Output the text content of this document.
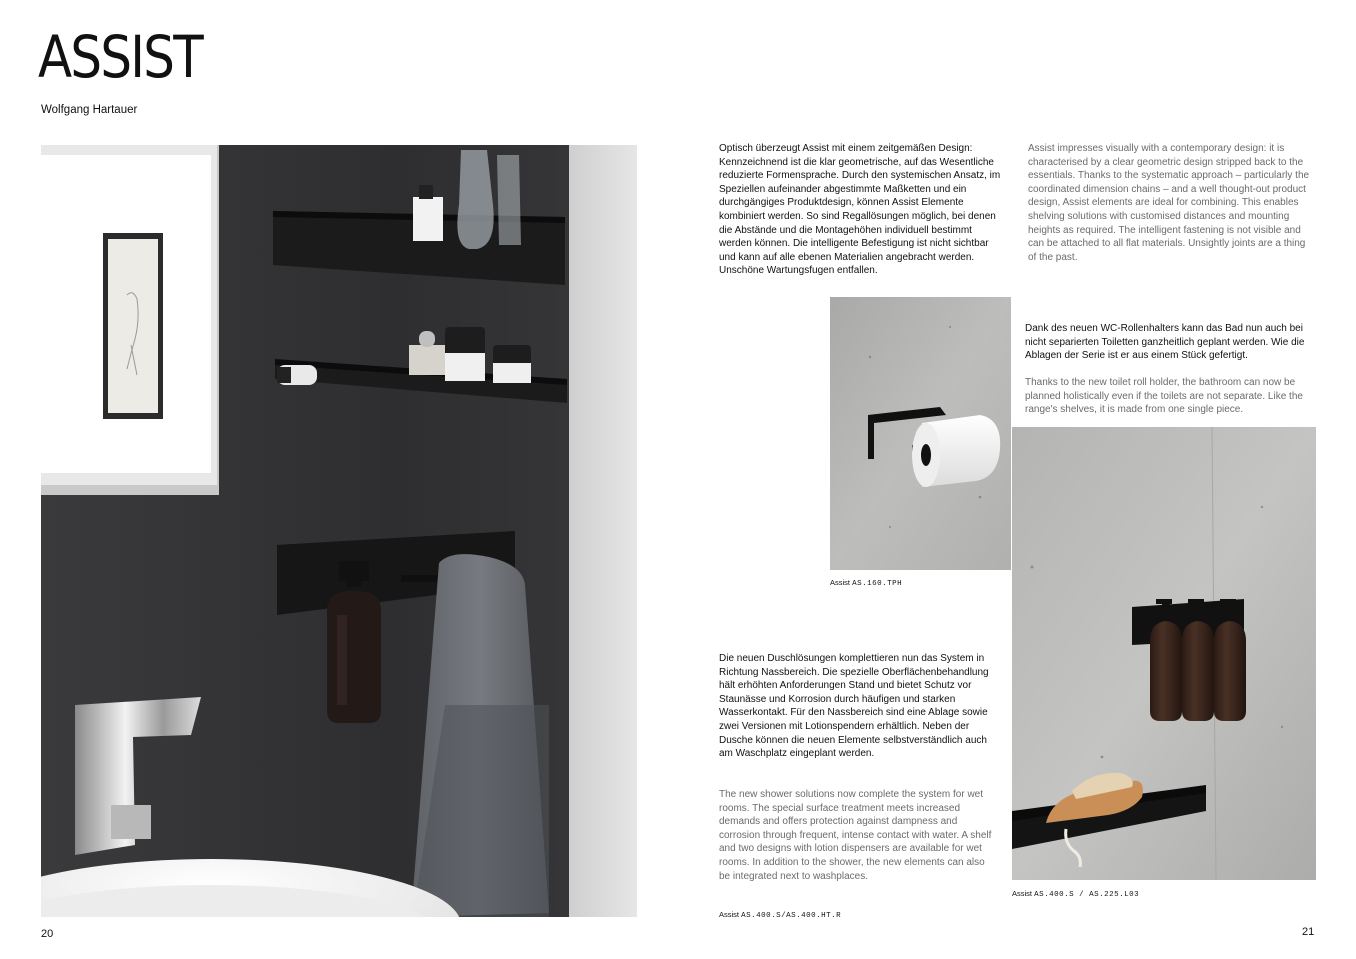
ASSIST
Wolfgang Hartauer
20
Optisch überzeugt Assist mit einem zeitgemäßen Design: Kennzeichnend ist die klar geometrische, auf das Wesentliche reduzierte Formensprache. Durch den systemischen Ansatz, im Speziellen aufeinander abgestimmte Maßketten und ein durchgängiges Produktdesign, können Assist Elemente kombiniert werden. So sind Regallösungen möglich, bei denen die Abstände und die Montagehöhen individuell bestimmt werden können. Die intelligente Befestigung ist nicht sichtbar und kann auf alle ebenen Materialien angebracht werden. Unschöne Wartungsfugen entfallen.
Assist impresses visually with a contemporary design: it is characterised by a clear geometric design stripped back to the essentials. Thanks to the systematic approach – particularly the coordinated dimension chains – and a well thought-out product design, Assist elements are ideal for combining. This enables shelving solutions with customised distances and mounting heights as required. The intelligent fastening is not visible and can be attached to all flat materials. Unsightly joints are a thing of the past.
Assist AS.160.TPH
Dank des neuen WC-Rollenhalters kann das Bad nun auch bei nicht separierten Toiletten ganzheitlich geplant werden. Wie die Ablagen der Serie ist er aus einem Stück gefertigt.
Thanks to the new toilet roll holder, the bathroom can now be planned holistically even if the toilets are not separate. Like the range's shelves, it is made from one single piece.
Assist AS.400.S / AS.225.L03
Die neuen Duschlösungen komplettieren nun das System in Richtung Nassbereich. Die spezielle Oberflächenbehandlung hält erhöhten Anforderungen Stand und bietet Schutz vor Staunässe und Korrosion durch häufigen und starken Wasserkontakt. Für den Nassbereich sind eine Ablage sowie zwei Versionen mit Lotionspendern erhältlich. Neben der Dusche können die neuen Elemente selbstverständlich auch am Waschplatz eingeplant werden.
The new shower solutions now complete the system for wet rooms. The special surface treatment meets increased demands and offers protection against dampness and corrosion through frequent, intense contact with water. A shelf and two designs with lotion dispensers are available for wet rooms. In addition to the shower, the new elements can also be integrated next to washplaces.
Assist AS.400.S/AS.400.HT.R
21
